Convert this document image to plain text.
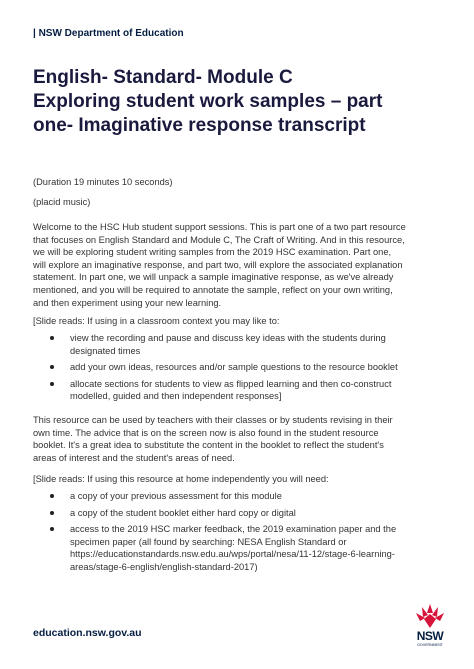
| NSW Department of Education
English- Standard- Module C
Exploring student work samples – part
one- Imaginative response transcript

(Duration 19 minutes 10 seconds)

(placid music)

Welcome to the HSC Hub student support sessions. This is part one of a two part resource
that focuses on English Standard and Module C, The Craft of Writing. And in this resource,
we will be exploring student writing samples from the 2019 HSC examination. Part one,
will explore an imaginative response, and part two, will explore the associated explanation
statement. In part one, we will unpack a sample imaginative response, as we've already
mentioned, and you will be required to annotate the sample, reflect on your own writing,
and then experiment using your new learning.

[Slide reads: If using in a classroom context you may like to:

view the recording and pause and discuss key ideas with the students during
designated times
add your own ideas, resources and/or sample questions to the resource booklet
allocate sections for students to view as flipped learning and then co-construct
modelled, guided and then independent responses]
This resource can be used by teachers with their classes or by students revising in their
own time. The advice that is on the screen now is also found in the student resource
booklet. It's a great idea to substitute the content in the booklet to reflect the student's
areas of interest and the student's areas of need.

[Slide reads: If using this resource at home independently you will need:

a copy of your previous assessment for this module
a copy of the student booklet either hard copy or digital
access to the 2019 HSC marker feedback, the 2019 examination paper and the
specimen paper (all found by searching: NESA English Standard or
https://educationstandards.nsw.edu.au/wps/portal/nesa/11-12/stage-6-learning-
areas/stage-6-english/english-standard-2017)
education.nsw.gov.au	NSW
GOVERNMENT
